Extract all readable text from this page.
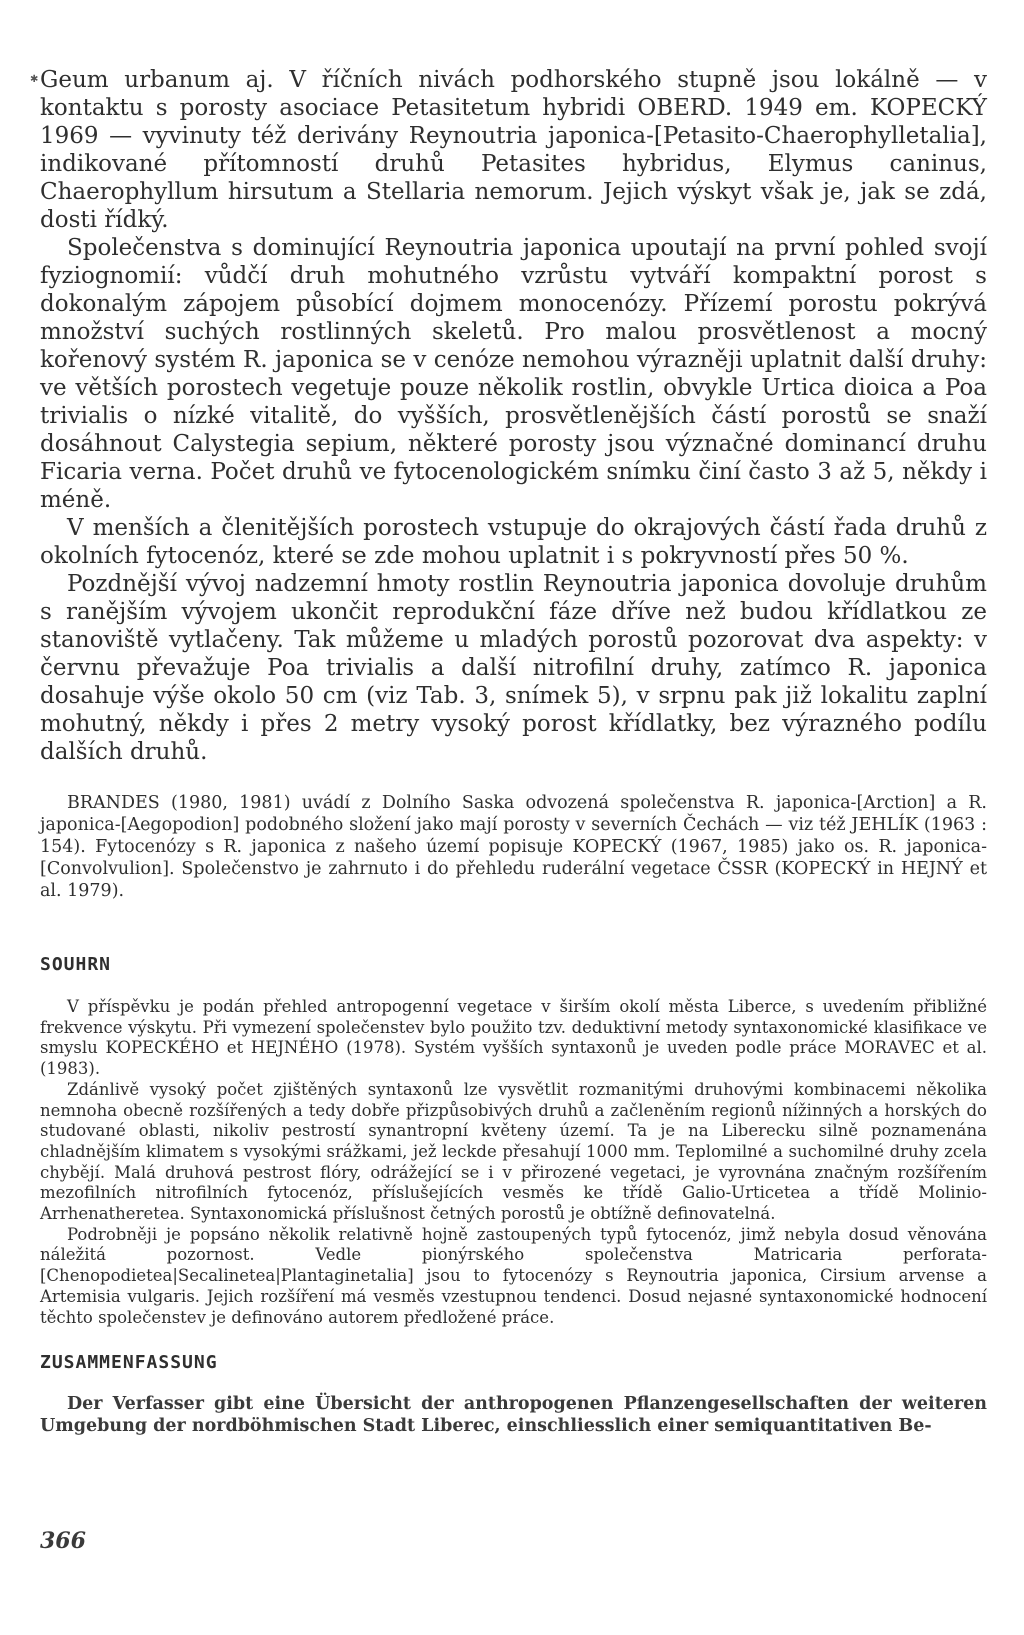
✱ Geum urbanum aj. V říčních nivách podhorského stupně jsou lokálně — v kontaktu s porosty asociace Petasitetum hybridi OBERD. 1949 em. KOPECKÝ 1969 — vyvinuty též derivány Reynoutria japonica-[Petasito-Chaerophylletalia], indikované přítomností druhů Petasites hybridus, Elymus caninus, Chaerophyllum hirsutum a Stellaria nemorum. Jejich výskyt však je, jak se zdá, dosti řídký.

Společenstva s dominující Reynoutria japonica upoutají na první pohled svojí fyziognomií: vůdčí druh mohutného vzrůstu vytváří kompaktní porost s dokonalým zápojem působící dojmem monocenózy. Přízemí porostu pokrývá množství suchých rostlinných skeletů. Pro malou prosvětlenost a mocný kořenový systém R. japonica se v cenóze nemohou výrazněji uplatnit další druhy: ve větších porostech vegetuje pouze několik rostlin, obvykle Urtica dioica a Poa trivialis o nízké vitalitě, do vyšších, prosvětlenějších částí porostů se snaží dosáhnout Calystegia sepium, některé porosty jsou význačné dominancí druhu Ficaria verna. Počet druhů ve fytocenologickém snímku činí často 3 až 5, někdy i méně.

V menších a členitějších porostech vstupuje do okrajových částí řada druhů z okolních fytocenóz, které se zde mohou uplatnit i s pokryvností přes 50 %.

Pozdnější vývoj nadzemní hmoty rostlin Reynoutria japonica dovoluje druhům s ranějším vývojem ukončit reprodukční fáze dříve než budou křídlatkou ze stanoviště vytlačeny. Tak můžeme u mladých porostů pozorovat dva aspekty: v červnu převažuje Poa trivialis a další nitrofilní druhy, zatímco R. japonica dosahuje výše okolo 50 cm (viz Tab. 3, snímek 5), v srpnu pak již lokalitu zaplní mohutný, někdy i přes 2 metry vysoký porost křídlatky, bez výrazného podílu dalších druhů.

BRANDES (1980, 1981) uvádí z Dolního Saska odvozená společenstva R. japonica-[Arction] a R. japonica-[Aegopodion] podobného složení jako mají porosty v severních Čechách — viz též JEHLÍK (1963 : 154). Fytocenózy s R. japonica z našeho území popisuje KOPECKÝ (1967, 1985) jako os. R. japonica-[Convolvulion]. Společenstvo je zahrnuto i do přehledu ruderální vegetace ČSSR (KOPECKÝ in HEJNÝ et al. 1979).

SOUHRN

V příspěvku je podán přehled antropogenní vegetace v širším okolí města Liberce, s uvedením přibližné frekvence výskytu. Při vymezení společenstev bylo použito tzv. deduktivní metody syntaxonomické klasifikace ve smyslu KOPECKÉHO et HEJNÉHO (1978). Systém vyšších syntaxonů je uveden podle práce MORAVEC et al. (1983).

Zdánlivě vysoký počet zjištěných syntaxonů lze vysvětlit rozmanitými druhovými kombinacemi několika nemnoha obecně rozšířených a tedy dobře přizpůsobivých druhů a začleněním regionů nížinných a horských do studované oblasti, nikoliv pestrostí synantropní květeny území. Ta je na Liberecku silně poznamenána chladnějším klimatem s vysokými srážkami, jež leckde přesahují 1000 mm. Teplomilné a suchomilné druhy zcela chybějí. Malá druhová pestrost flóry, odrážející se i v přirozené vegetaci, je vyrovnána značným rozšířením mezofilních nitrofilních fytocenóz, příslušejících vesměs ke třídě Galio-Urticetea a třídě Molinio-Arrhenatheretea. Syntaxonomická příslušnost četných porostů je obtížně definovatelná.

Podrobněji je popsáno několik relativně hojně zastoupených typů fytocenóz, jimž nebyla dosud věnována náležitá pozornost. Vedle pionýrského společenstva Matricaria perforata-[Chenopodietea|Secalinetea|Plantaginetalia] jsou to fytocenózy s Reynoutria japonica, Cirsium arvense a Artemisia vulgaris. Jejich rozšíření má vesměs vzestupnou tendenci. Dosud nejasné syntaxonomické hodnocení těchto společenstev je definováno autorem předložené práce.

ZUSAMMENFASSUNG

Der Verfasser gibt eine Übersicht der anthropogenen Pflanzengesellschaften der weiteren Umgebung der nordböhmischen Stadt Liberec, einschliesslich einer semiquantitativen Be-

366
